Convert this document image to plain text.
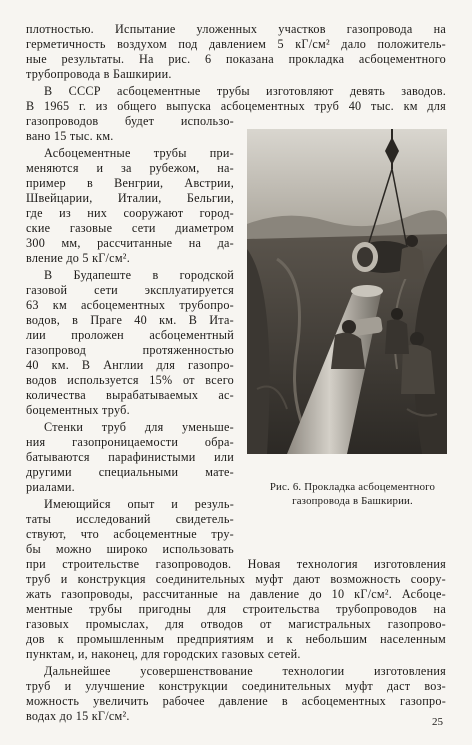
плотностью. Испытание уложенных участков газопровода на
герметичность воздухом под давлением 5 кГ/см² дало положитель-
ные результаты. На рис. 6 показана прокладка асбоцементного
трубопровода в Башкирии.
В СССР асбоцементные трубы изготовляют девять заводов.
В 1965 г. из общего выпуска асбоцементных труб 40 тыс. км для
газопроводов будет использо-
вано 15 тыс. км.
Асбоцементные трубы при-
меняются и за рубежом, на-
пример в Венгрии, Австрии,
Швейцарии, Италии, Бельгии,
где из них сооружают город-
ские газовые сети диаметром
300 мм, рассчитанные на да-
вление до 5 кГ/см².
В Будапеште в городской
газовой сети эксплуатируется
63 км асбоцементных трубопро-
водов, в Праге 40 км. В Ита-
лии проложен асбоцементный
газопровод протяженностью
40 км. В Англии для газопро-
водов используется 15% от всего
количества вырабатываемых ас-
боцементных труб.
Стенки труб для уменьше-
ния газопроницаемости обра-
батываются парафинистыми или
другими специальными мате-
риалами.
Имеющийся опыт и резуль-
таты исследований свидетель-
ствуют, что асбоцементные тру-
бы можно широко использовать
при строительстве газопроводов. Новая технология изготовления
труб и конструкция соединительных муфт дают возможность соору-
жать газопроводы, рассчитанные на давление до 10 кГ/см². Асбоце-
ментные трубы пригодны для строительства трубопроводов на
газовых промыслах, для отводов от магистральных газопрово-
дов к промышленным предприятиям и к небольшим населенным
пунктам, и, наконец, для городских газовых сетей.
Дальнейшее усовершенствование технологии изготовления
труб и улучшение конструкции соединительных муфт даст воз-
можность увеличить рабочее давление в асбоцементных газопро-
водах до 15 кГ/см².
Рис. 6. Прокладка асбоцементного
газопровода в Башкирии.
25
